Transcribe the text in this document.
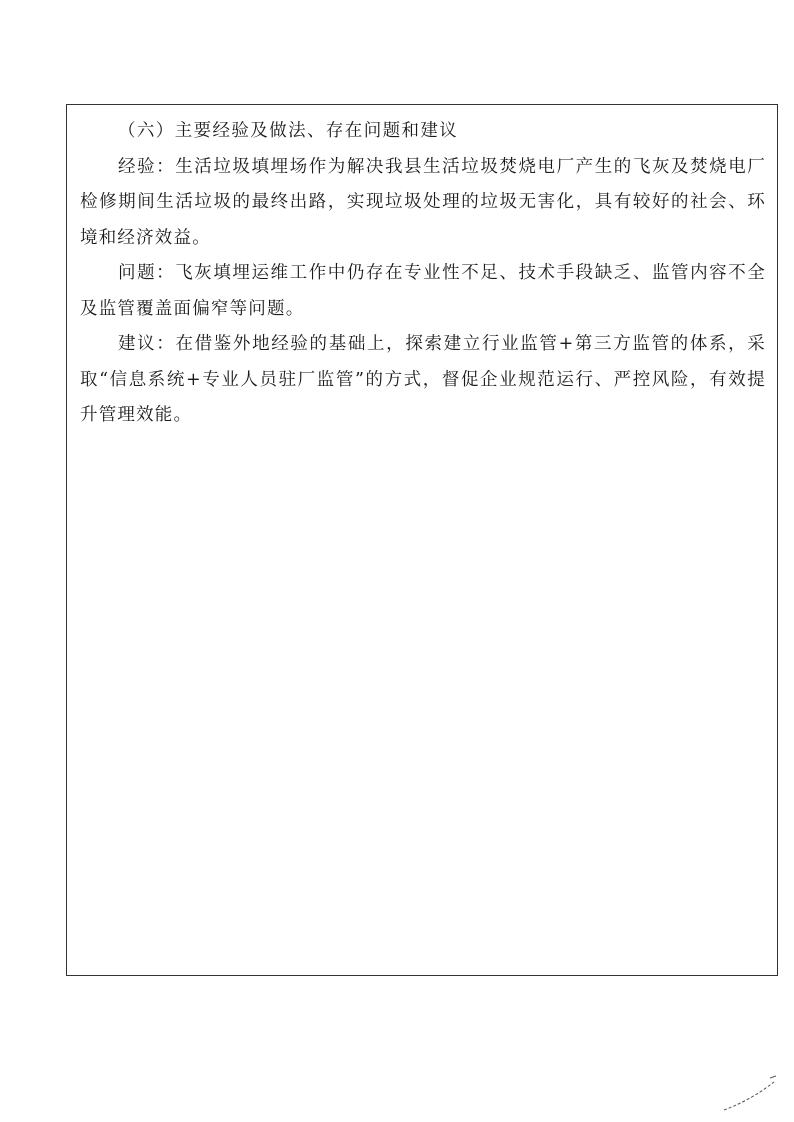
（六）主要经验及做法、存在问题和建议

经验：生活垃圾填埋场作为解决我县生活垃圾焚烧电厂产生的飞灰及焚烧电厂检修期间生活垃圾的最终出路，实现垃圾处理的垃圾无害化，具有较好的社会、环境和经济效益。

问题：飞灰填埋运维工作中仍存在专业性不足、技术手段缺乏、监管内容不全及监管覆盖面偏窄等问题。

建议：在借鉴外地经验的基础上，探索建立行业监管+第三方监管的体系，采取“信息系统+专业人员驻厂监管”的方式，督促企业规范运行、严控风险，有效提升管理效能。
